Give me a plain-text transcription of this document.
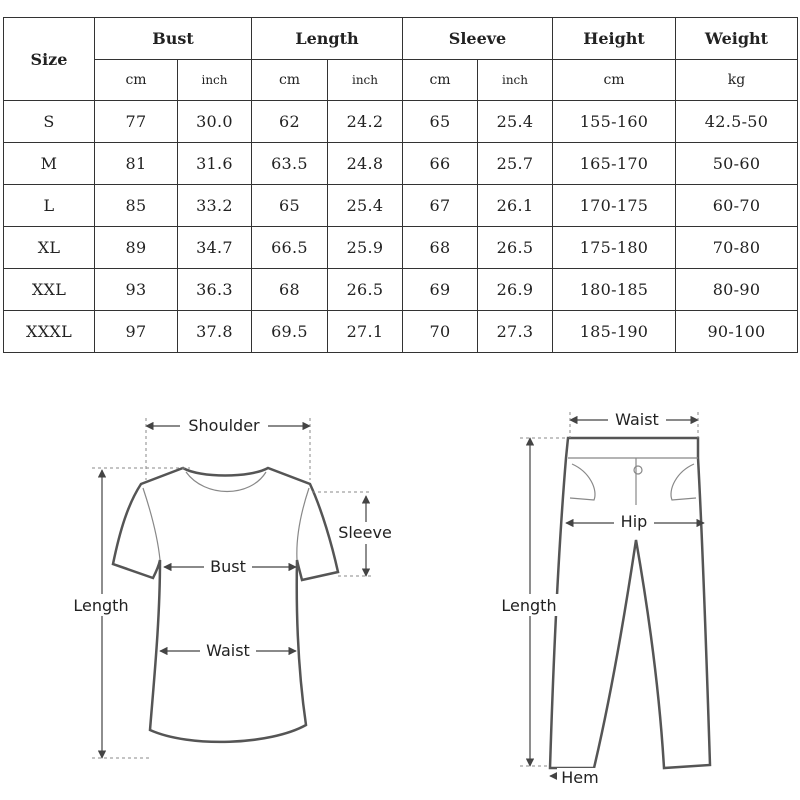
Size	Bust		Length		Sleeve		Height	Weight
	cm	inch	cm	inch	cm	inch	cm	kg
S	77	30.0	62	24.2	65	25.4	155-160	42.5-50
M	81	31.6	63.5	24.8	66	25.7	165-170	50-60
L	85	33.2	65	25.4	67	26.1	170-175	60-70
XL	89	34.7	66.5	25.9	68	26.5	175-180	70-80
XXL	93	36.3	68	26.5	69	26.9	180-185	80-90
XXXL	97	37.8	69.5	27.1	70	27.3	185-190	90-100
Shoulder
Sleeve
Bust
Waist
Length
Waist
Hip
Length
Hem
